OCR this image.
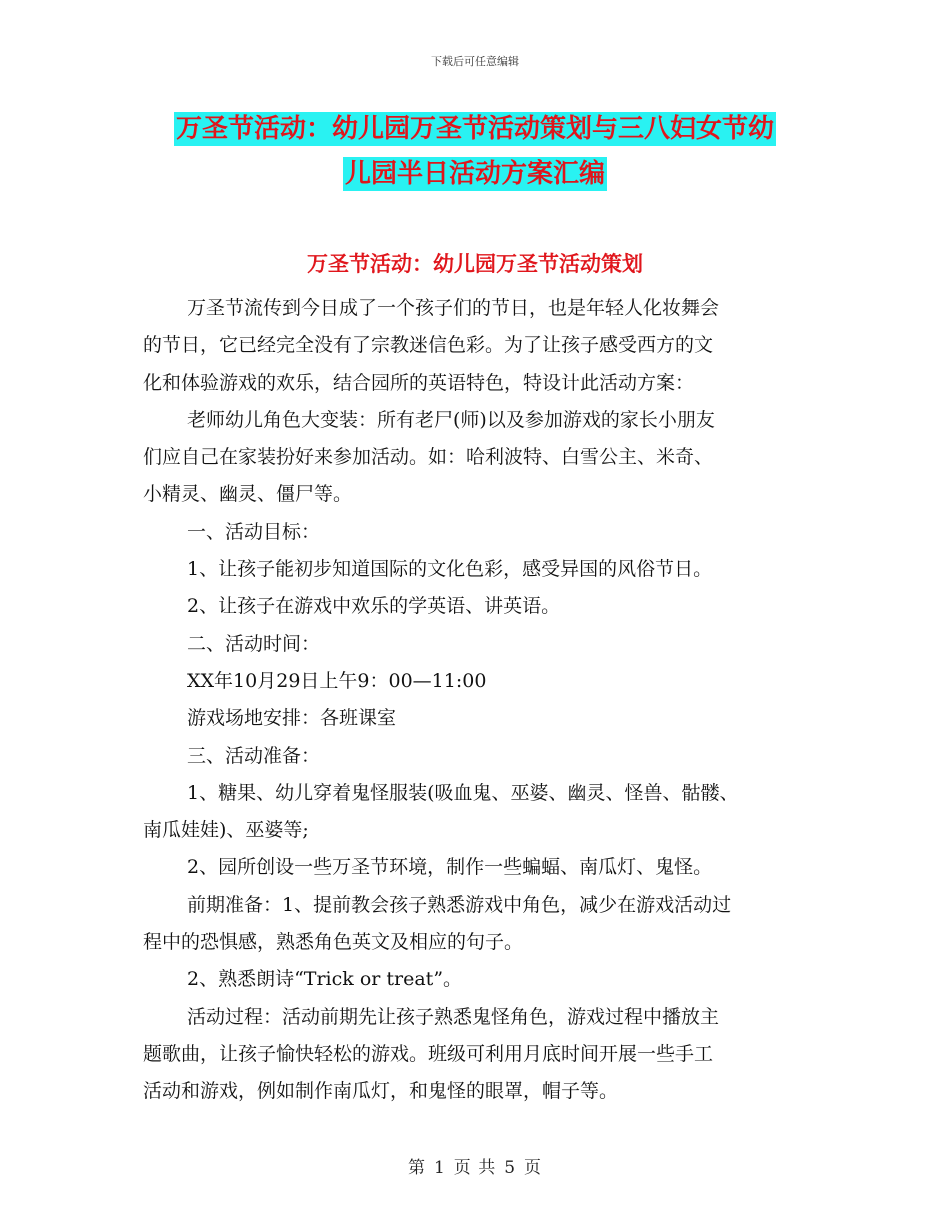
下载后可任意编辑
万圣节活动：幼儿园万圣节活动策划与三八妇女节幼
儿园半日活动方案汇编
万圣节活动：幼儿园万圣节活动策划
万圣节流传到今日成了一个孩子们的节日，也是年轻人化妆舞会
的节日，它已经完全没有了宗教迷信色彩。为了让孩子感受西方的文
化和体验游戏的欢乐，结合园所的英语特色，特设计此活动方案：
老师幼儿角色大变装：所有老尸(师)以及参加游戏的家长小朋友
们应自己在家装扮好来参加活动。如：哈利波特、白雪公主、米奇、
小精灵、幽灵、僵尸等。
一、活动目标：
1、让孩子能初步知道国际的文化色彩，感受异国的风俗节日。
2、让孩子在游戏中欢乐的学英语、讲英语。
二、活动时间：
XX年10月29日上午9：00—11:00
游戏场地安排：各班课室
三、活动准备：
1、糖果、幼儿穿着鬼怪服装(吸血鬼、巫婆、幽灵、怪兽、骷髅、
南瓜娃娃)、巫婆等;
2、园所创设一些万圣节环境，制作一些蝙蝠、南瓜灯、鬼怪。
前期准备：1、提前教会孩子熟悉游戏中角色，减少在游戏活动过
程中的恐惧感，熟悉角色英文及相应的句子。
2、熟悉朗诗“Trick or treat”。
活动过程：活动前期先让孩子熟悉鬼怪角色，游戏过程中播放主
题歌曲，让孩子愉快轻松的游戏。班级可利用月底时间开展一些手工
活动和游戏，例如制作南瓜灯，和鬼怪的眼罩，帽子等。
第 1 页 共 5 页
